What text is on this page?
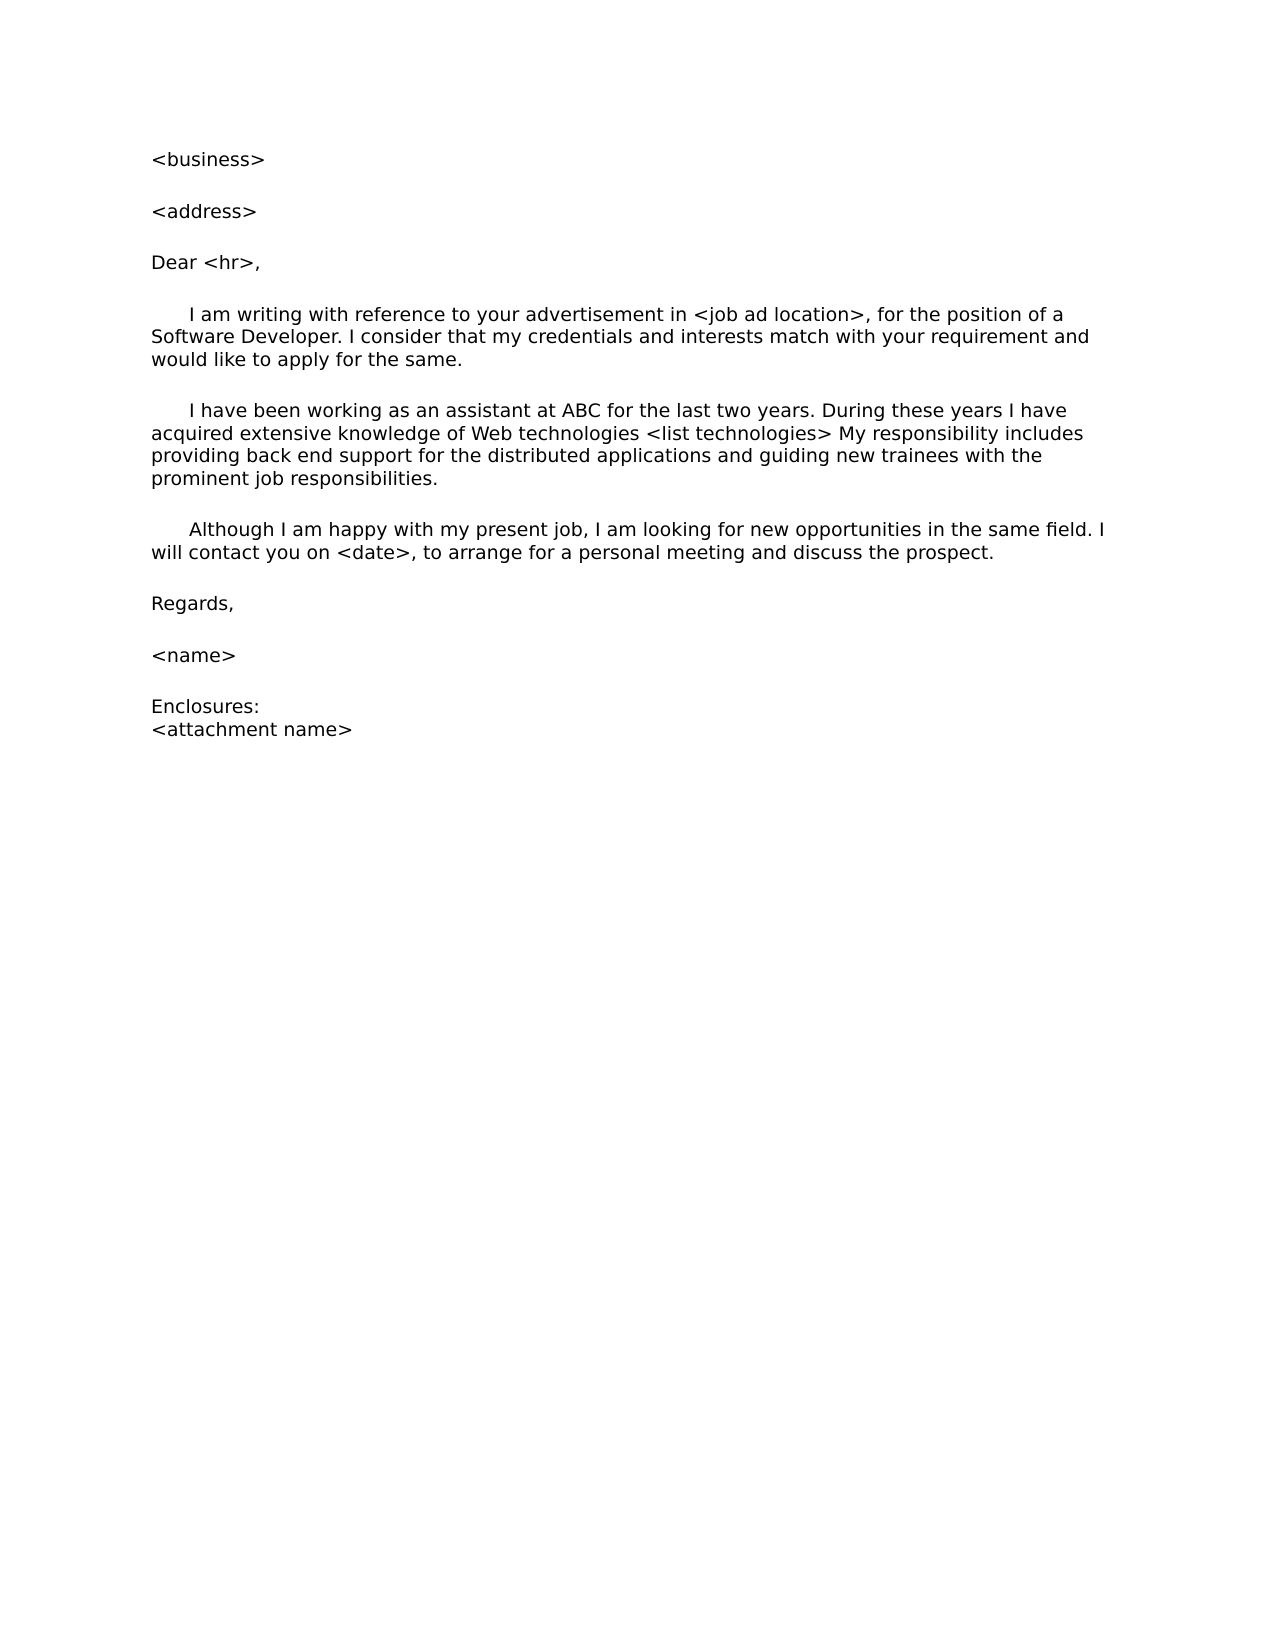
<business>

<address>

Dear <hr>,

I am writing with reference to your advertisement in <job ad location>, for the position of a

Software Developer. I consider that my credentials and interests match with your requirement and

would like to apply for the same.

I have been working as an assistant at ABC for the last two years. During these years I have

acquired extensive knowledge of Web technologies <list technologies> My responsibility includes

providing back end support for the distributed applications and guiding new trainees with the

prominent job responsibilities.

Although I am happy with my present job, I am looking for new opportunities in the same field. I

will contact you on <date>, to arrange for a personal meeting and discuss the prospect.

Regards,

<name>

Enclosures:

<attachment name>
